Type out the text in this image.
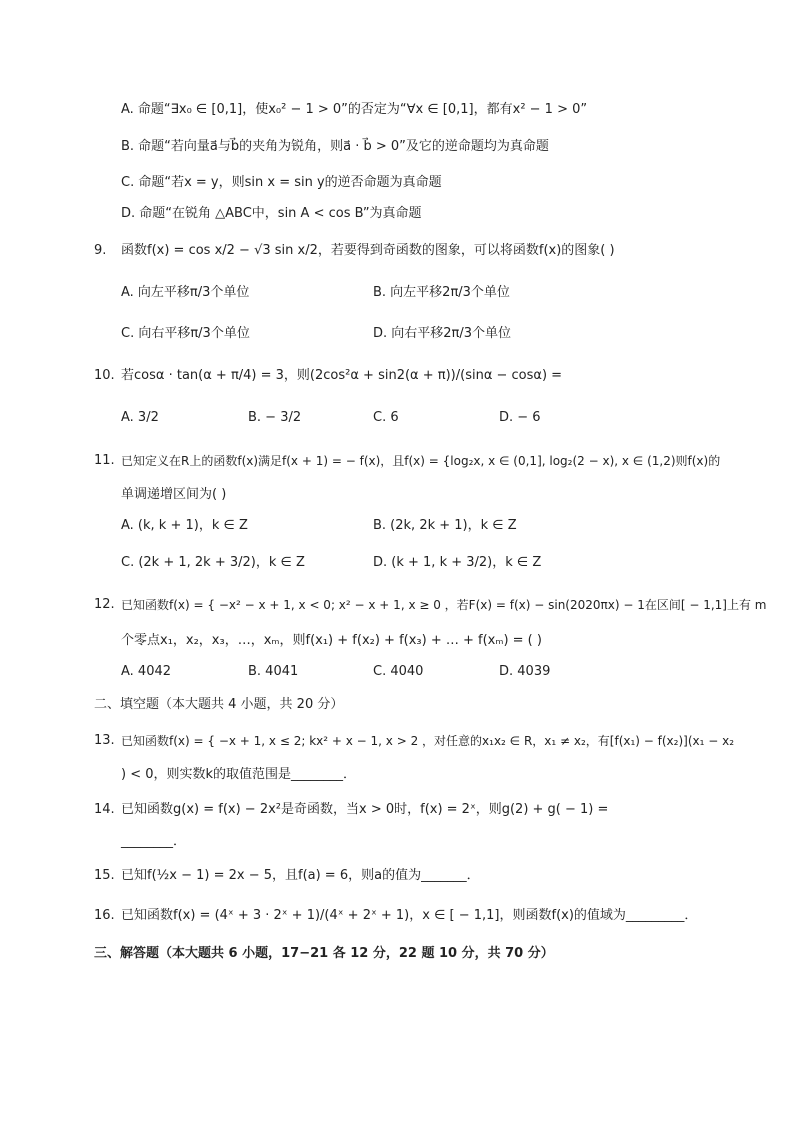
A. 命题“∃x₀ ∈ [0,1]，使x₀² − 1 > 0”的否定为“∀x ∈ [0,1]，都有x² − 1 > 0”
B. 命题“若向量a⃗与b⃗的夹角为锐角，则a⃗ · b⃗ > 0”及它的逆命题均为真命题
C. 命题“若x = y，则sin x = sin y的逆否命题为真命题
D. 命题“在锐角 △ABC中，sin A < cos B”为真命题
9. 函数f(x) = cos x/2 − √3 sin x/2，若要得到奇函数的图象，可以将函数f(x)的图象( )
A. 向左平移π/3个单位	B. 向左平移2π/3个单位
C. 向右平移π/3个单位	D. 向右平移2π/3个单位
10. 若cosα · tan(α + π/4) = 3，则(2cos²α + sin2(α + π))/(sinα − cosα) =
A. 3/2	B. − 3/2	C. 6	D. − 6
11. 已知定义在R上的函数f(x)满足f(x + 1) = − f(x)，且f(x) = {log₂x, x ∈ (0,1], log₂(2 − x), x ∈ (1,2)则f(x)的
单调递增区间为( )
A. (k, k + 1)，k ∈ Z	B. (2k, 2k + 1)，k ∈ Z
C. (2k + 1, 2k + 3/2)，k ∈ Z	D. (k + 1, k + 3/2)，k ∈ Z
12. 已知函数f(x) = { −x² − x + 1, x < 0; x² − x + 1, x ≥ 0 ，若F(x) = f(x) − sin(2020πx) − 1在区间[ − 1,1]上有 m
个零点x₁，x₂，x₃，…，xₘ，则f(x₁) + f(x₂) + f(x₃) + … + f(xₘ) = ( )
A. 4042	B. 4041	C. 4040	D. 4039
二、填空题（本大题共 4 小题，共 20 分）
13. 已知函数f(x) = { −x + 1, x ≤ 2; kx² + x − 1, x > 2 ，对任意的x₁x₂ ∈ R，x₁ ≠ x₂，有[f(x₁) − f(x₂)](x₁ − x₂
) < 0，则实数k的取值范围是________．
14. 已知函数g(x) = f(x) − 2x²是奇函数，当x > 0时，f(x) = 2ˣ，则g(2) + g( − 1) =
________．
15. 已知f(½x − 1) = 2x − 5，且f(a) = 6，则a的值为_______．
16. 已知函数f(x) = (4ˣ + 3 · 2ˣ + 1)/(4ˣ + 2ˣ + 1)，x ∈ [ − 1,1]，则函数f(x)的值域为_________．
三、解答题（本大题共 6 小题，17−21 各 12 分，22 题 10 分，共 70 分）
